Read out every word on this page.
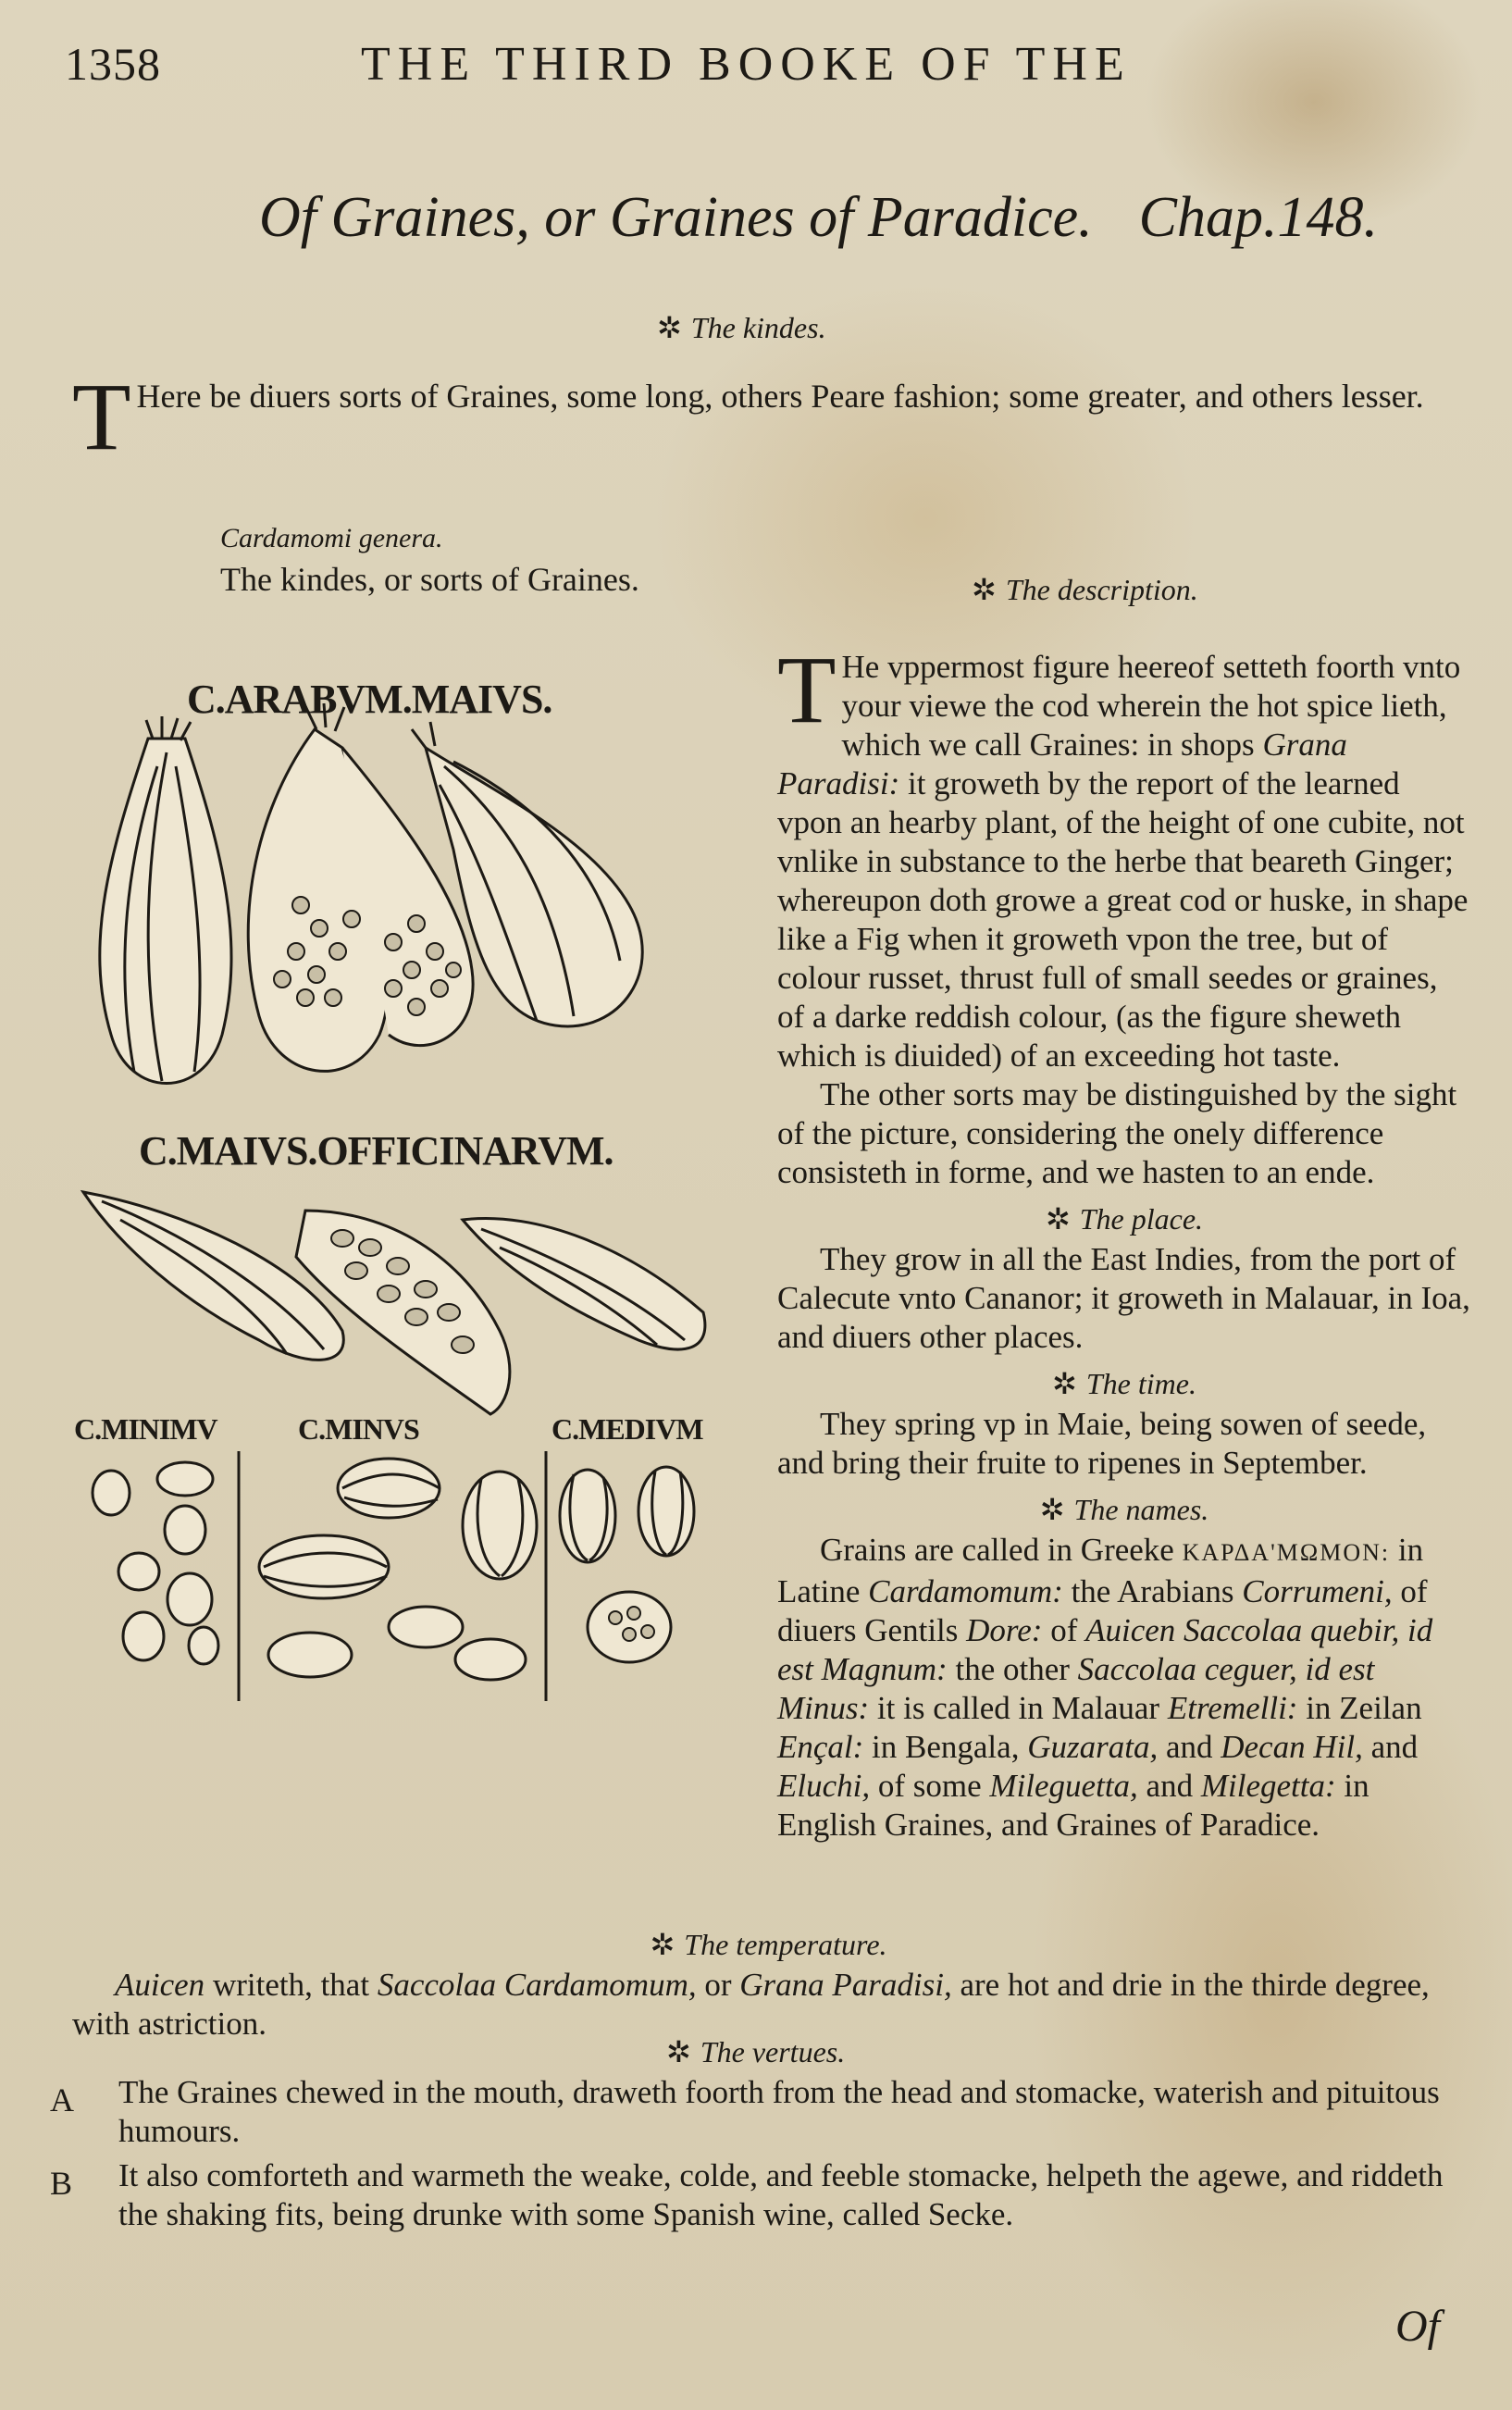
1358	THE THIRD BOOKE OF THE
Of Graines, or Graines of Paradice. Chap.148.
✲ The kindes.
T Here be diuers sorts of Graines, some long, others Peare fashion; some greater, and others lesser.
Cardamomi genera.
The kindes, or sorts of Graines.
C.ARABVM.MAIVS.
C.MAIVS.OFFICINARVM.
C.MINIMV	C.MINVS	C.MEDIVM
✲ The description.

T He vppermost figure heereof setteth foorth vnto your viewe the cod wherein the hot spice lieth, which we call Graines: in shops Grana Paradisi: it groweth by the report of the learned vpon an hearby plant, of the height of one cubite, not vnlike in substance to the herbe that beareth Ginger; whereupon doth growe a great cod or huske, in shape like a Fig when it groweth vpon the tree, but of colour russet, thrust full of small seedes or graines, of a darke reddish colour, (as the figure sheweth which is diuided) of an exceeding hot taste.

The other sorts may be distinguished by the sight of the picture, considering the onely difference consisteth in forme, and we hasten to an ende.

✲ The place.

They grow in all the East Indies, from the port of Calecute vnto Cananor; it groweth in Malauar, in Ioa, and diuers other places.

✲ The time.

They spring vp in Maie, being sowen of seede, and bring their fruite to ripenes in September.

✲ The names.

Grains are called in Greeke ΚΑΡΔΑ'ΜΩΜΟΝ: in Latine Cardamomum: the Arabians Corrumeni, of diuers Gentils Dore: of Auicen Saccolaa quebir, id est Magnum: the other Saccolaa ceguer, id est Minus: it is called in Malauar Etremelli: in Zeilan Ençal: in Bengala, Guzarata, and Decan Hil, and Eluchi, of some Mileguetta, and Milegetta: in English Graines, and Graines of Paradice.

✲ The temperature.

Auicen writeth, that Saccolaa Cardamomum, or Grana Paradisi, are hot and drie in the thirde degree, with astriction.

✲ The vertues.
A The Graines chewed in the mouth, draweth foorth from the head and stomacke, waterish and pituitous humours.
B It also comforteth and warmeth the weake, colde, and feeble stomacke, helpeth the agewe, and riddeth the shaking fits, being drunke with some Spanish wine, called Secke.
Of
